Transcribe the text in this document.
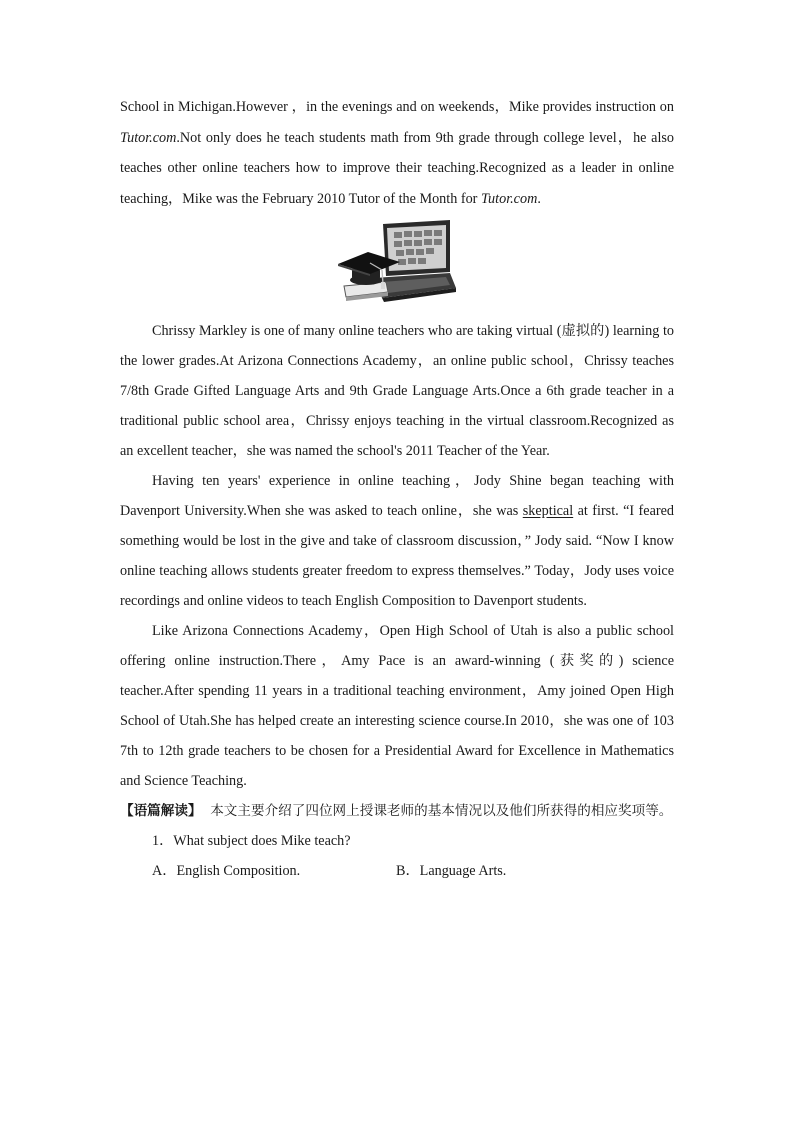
School in Michigan.However ，in the evenings and on weekends，Mike provides instruction on Tutor.com.Not only does he teach students math from 9th grade through college level，he also teaches other online teachers how to improve their teaching.Recognized as a leader in online teaching，Mike was the February 2010 Tutor of the Month for Tutor.com.

Chrissy Markley is one of many online teachers who are taking virtual (虚拟的) learning to the lower grades.At Arizona Connections Academy，an online public school，Chrissy teaches 7/8th Grade Gifted Language Arts and 9th Grade Language Arts.Once a 6th grade teacher in a traditional public school area，Chrissy enjoys teaching in the virtual classroom.Recognized as an excellent teacher，she was named the school's 2011 Teacher of the Year.

Having ten years' experience in online teaching，Jody Shine began teaching with Davenport University.When she was asked to teach online，she was skeptical at first. “I feared something would be lost in the give and take of classroom discussion，” Jody said. “Now I know online teaching allows students greater freedom to express themselves.” Today，Jody uses voice recordings and online videos to teach English Composition to Davenport students.

Like Arizona Connections Academy，Open High School of Utah is also a public school offering online instruction.There，Amy Pace is an award-winning (获奖的) science teacher.After spending 11 years in a traditional teaching environment，Amy joined Open High School of Utah.She has helped create an interesting science course.In 2010，she was one of 103 7th to 12th grade teachers to be chosen for a Presidential Award for Excellence in Mathematics and Science Teaching.

【语篇解读】 本文主要介绍了四位网上授课老师的基本情况以及他们所获得的相应奖项等。

1．What subject does Mike teach?

A．English Composition.	B．Language Arts.
